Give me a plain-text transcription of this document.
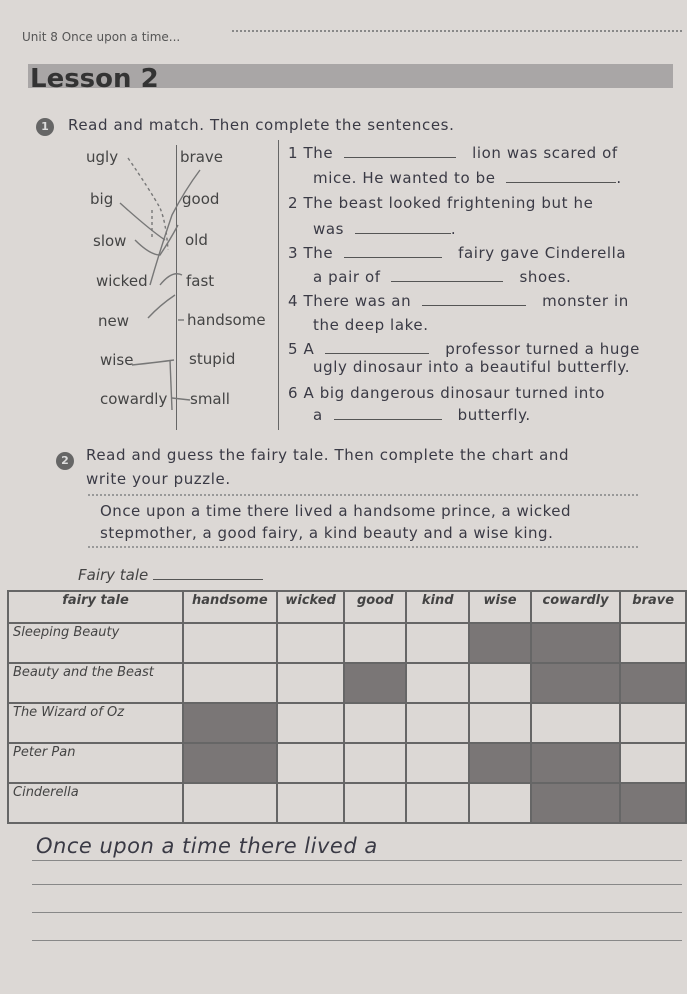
Unit 8 Once upon a time...
Lesson 2
1	Read and match. Then complete the sentences.
ugly
big
slow
wicked
new
wise
cowardly
brave
good
old
fast
handsome
stupid
small
1 The	lion was scared of
mice. He wanted to be	.
2 The beast looked frightening but he
was	.
3 The	fairy gave Cinderella
a pair of	shoes.
4 There was an	monster in
the deep lake.
5 A	professor turned a huge
ugly dinosaur into a beautiful butterfly.
6 A big dangerous dinosaur turned into
a	butterfly.
2	Read and guess the fairy tale. Then complete the chart and
write your puzzle.
Once upon a time there lived a handsome prince, a wicked
stepmother, a good fairy, a kind beauty and a wise king.
Fairy tale
fairy tale	handsome	wicked	good	kind	wise	cowardly	brave
Sleeping Beauty							
Beauty and the Beast							
The Wizard of Oz							
Peter Pan							
Cinderella							
Once upon a time there lived a
